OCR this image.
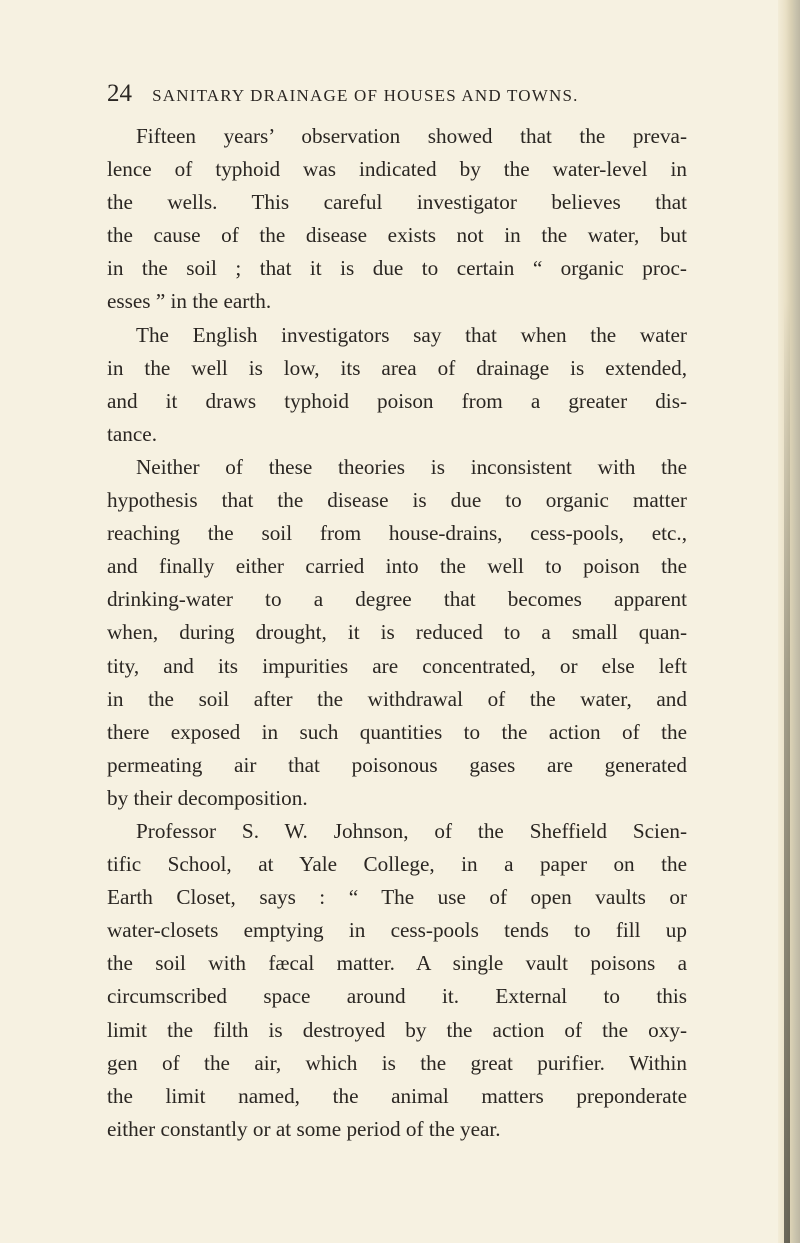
24 SANITARY DRAINAGE OF HOUSES AND TOWNS.
Fifteen years’ observation showed that the preva-
lence of typhoid was indicated by the water-level in
the wells. This careful investigator believes that
the cause of the disease exists not in the water, but
in the soil ; that it is due to certain “ organic proc-
esses ” in the earth.
The English investigators say that when the water
in the well is low, its area of drainage is extended,
and it draws typhoid poison from a greater dis-
tance.
Neither of these theories is inconsistent with the
hypothesis that the disease is due to organic matter
reaching the soil from house-drains, cess-pools, etc.,
and finally either carried into the well to poison the
drinking-water to a degree that becomes apparent
when, during drought, it is reduced to a small quan-
tity, and its impurities are concentrated, or else left
in the soil after the withdrawal of the water, and
there exposed in such quantities to the action of the
permeating air that poisonous gases are generated
by their decomposition.
Professor S. W. Johnson, of the Sheffield Scien-
tific School, at Yale College, in a paper on the
Earth Closet, says : “ The use of open vaults or
water-closets emptying in cess-pools tends to fill up
the soil with fæcal matter. A single vault poisons a
circumscribed space around it. External to this
limit the filth is destroyed by the action of the oxy-
gen of the air, which is the great purifier. Within
the limit named, the animal matters preponderate
either constantly or at some period of the year.
